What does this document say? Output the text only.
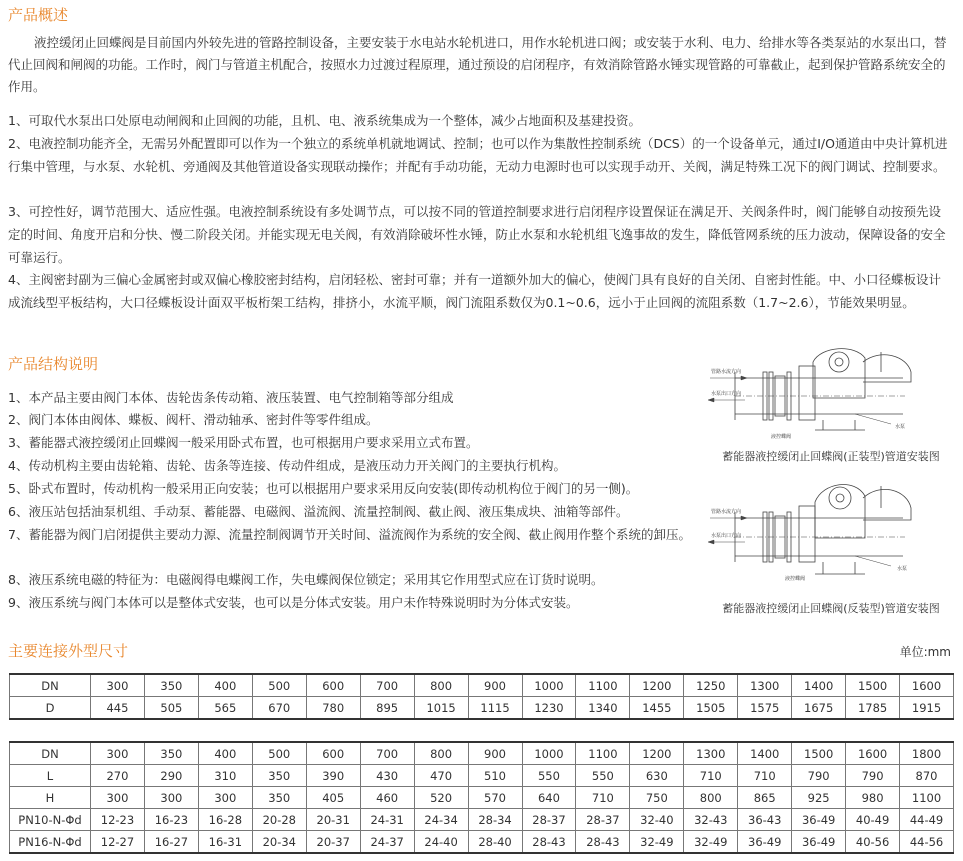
产品概述

液控缓闭止回蝶阀是目前国内外较先进的管路控制设备，主要安装于水电站水轮机进口，用作水轮机进口阀；或安装于水利、电力、给排水等各类泵站的水泵出口，替代止回阀和闸阀的功能。工作时，阀门与管道主机配合，按照水力过渡过程原理，通过预设的启闭程序，有效消除管路水锤实现管路的可靠截止，起到保护管路系统安全的作用。

1、可取代水泵出口处原电动闸阀和止回阀的功能，且机、电、液系统集成为一个整体，减少占地面积及基建投资。

2、电液控制功能齐全，无需另外配置即可以作为一个独立的系统单机就地调试、控制；也可以作为集散性控制系统（DCS）的一个设备单元，通过I/O通道由中央计算机进行集中管理，与水泵、水轮机、旁通阀及其他管道设备实现联动操作；并配有手动功能，无动力电源时也可以实现手动开、关阀，满足特殊工况下的阀门调试、控制要求。

3、可控性好，调节范围大、适应性强。电液控制系统设有多处调节点，可以按不同的管道控制要求进行启闭程序设置保证在满足开、关阀条件时，阀门能够自动按预先设定的时间、角度开启和分快、慢二阶段关闭。并能实现无电关阀，有效消除破坏性水锤，防止水泵和水轮机组飞逸事故的发生，降低管网系统的压力波动，保障设备的安全可靠运行。

4、主阀密封副为三偏心金属密封或双偏心橡胶密封结构，启闭轻松、密封可靠；并有一道额外加大的偏心，使阀门具有良好的自关闭、自密封性能。中、小口径蝶板设计成流线型平板结构，大口径蝶板设计面双平板桁架工结构，排挤小，水流平顺，阀门流阻系数仅为0.1~0.6，远小于止回阀的流阻系数（1.7~2.6），节能效果明显。

产品结构说明
1、本产品主要由阀门本体、齿轮齿条传动箱、液压装置、电气控制箱等部分组成
2、阀门本体由阀体、蝶板、阀杆、滑动轴承、密封件等零件组成。
3、蓄能器式液控缓闭止回蝶阀一般采用卧式布置，也可根据用户要求采用立式布置。
4、传动机构主要由齿轮箱、齿轮、齿条等连接、传动件组成，是液压动力开关阀门的主要执行机构。
5、卧式布置时，传动机构一般采用正向安装；也可以根据用户要求采用反向安装(即传动机构位于阀门的另一侧)。
6、液压站包括油泵机组、手动泵、蓄能器、电磁阀、溢流阀、流量控制阀、截止阀、液压集成块、油箱等部件。
7、蓄能器为阀门启闭提供主要动力源、流量控制阀调节开关时间、溢流阀作为系统的安全阀、截止阀用作整个系统的卸压。
8、液压系统电磁的特征为：电磁阀得电蝶阀工作，失电蝶阀保位锁定；采用其它作用型式应在订货时说明。
9、液压系统与阀门本体可以是整体式安装，也可以是分体式安装。用户未作特殊说明时为分体式安装。
管路水流方向
水泵出口方向
液控蝶阀
水泵
蓄能器液控缓闭止回蝶阀(正装型)管道安装图
管路水流方向
水泵出口方向
液控蝶阀
水泵
蓄能器液控缓闭止回蝶阀(反装型)管道安装图
主要连接外型尺寸	单位:mm
DN	300	350	400	500	600	700	800	900	1000	1100	1200	1250	1300	1400	1500	1600
D	445	505	565	670	780	895	1015	1115	1230	1340	1455	1505	1575	1675	1785	1915
DN	300	350	400	500	600	700	800	900	1000	1100	1200	1300	1400	1500	1600	1800
L	270	290	310	350	390	430	470	510	550	550	630	710	710	790	790	870
H	300	300	300	350	405	460	520	570	640	710	750	800	865	925	980	1100
PN10-N-Φd	12-23	16-23	16-28	20-28	20-31	24-31	24-34	28-34	28-37	28-37	32-40	32-43	36-43	36-49	40-49	44-49
PN16-N-Φd	12-27	16-27	16-31	20-34	20-37	24-37	24-40	28-40	28-43	28-43	32-49	32-49	36-49	36-49	40-56	44-56
